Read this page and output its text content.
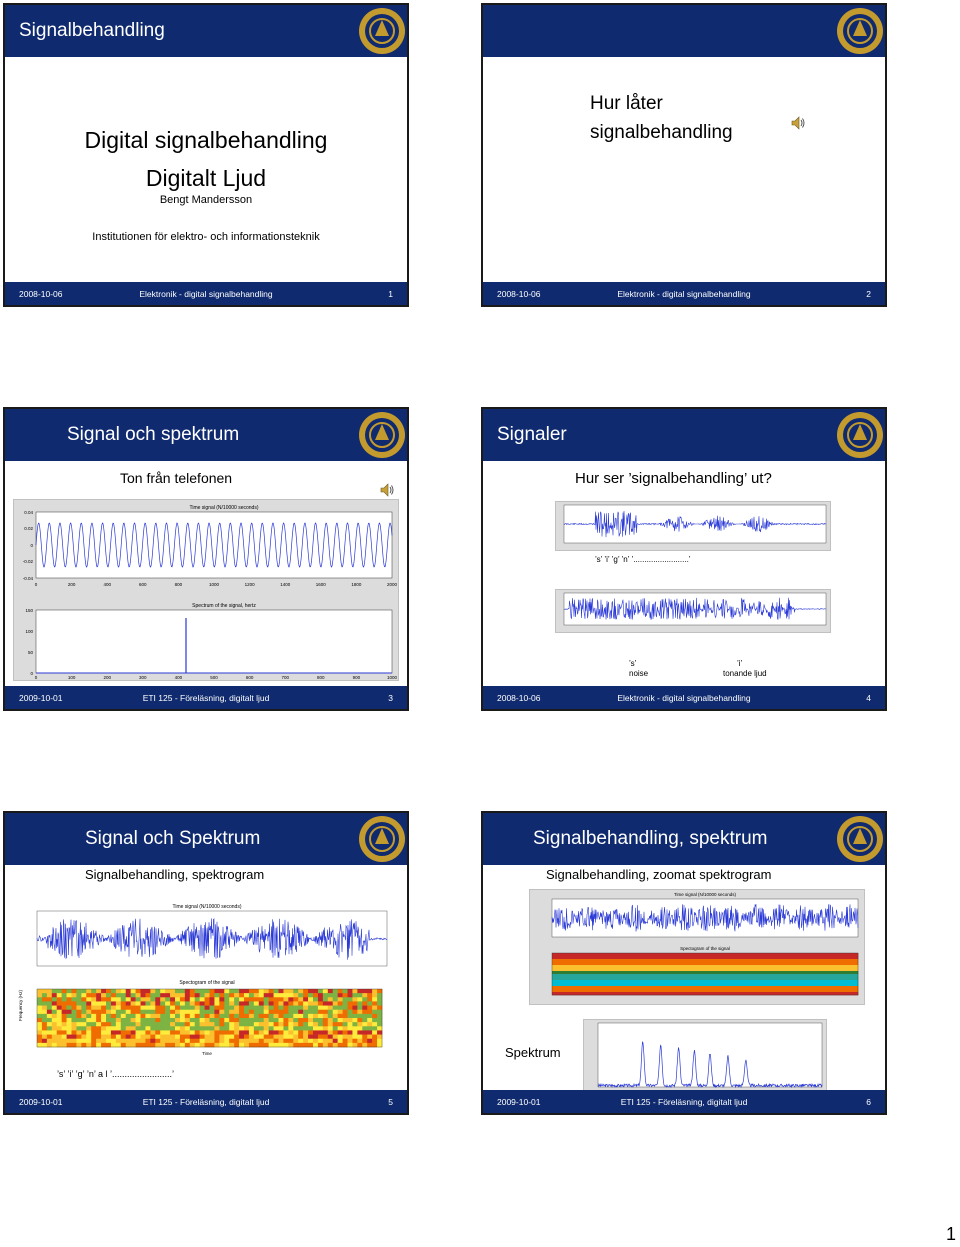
Signalbehandling
Digital signalbehandling
Digitalt Ljud
Bengt Mandersson
Institutionen för elektro- och informationsteknik
2008-10-06	Elektronik - digital signalbehandling	1
Hur låter
signalbehandling
2008-10-06	Elektronik - digital signalbehandling	2
Signal och spektrum
Ton från telefonen
Time signal (N/10000 seconds)
Spectrum of the signal, hertz
0.04
0.02
0
-0.02
-0.04
150
100
50
0
0	200	400	600	800	1000	1200	1400	1600	1800	2000
0	100	200	300	400	500	600	700	800	900	1000
2009-10-01	ETI 125 - Föreläsning, digitalt ljud	3
Signaler
Hur ser ’signalbehandling’ ut?
’s’ ’i’ ’g’ ’n’ ’.........................’
’s’
noise
’i’
tonande ljud
2008-10-06	Elektronik - digital signalbehandling	4
Signal och Spektrum
Signalbehandling, spektrogram
Time signal (N/10000 seconds)
Spectogram of the signal
Frequency (Hz)
Time
’s’ ’i’ ’g’ ’n’ a l ’........................’
2009-10-01	ETI 125 - Föreläsning, digitalt ljud	5
Signalbehandling, spektrum
Signalbehandling, zoomat spektrogram
Time signal (N/10000 seconds)
Spectogram of the signal
Spektrum
2009-10-01	ETI 125 - Föreläsning, digitalt ljud	6
1
